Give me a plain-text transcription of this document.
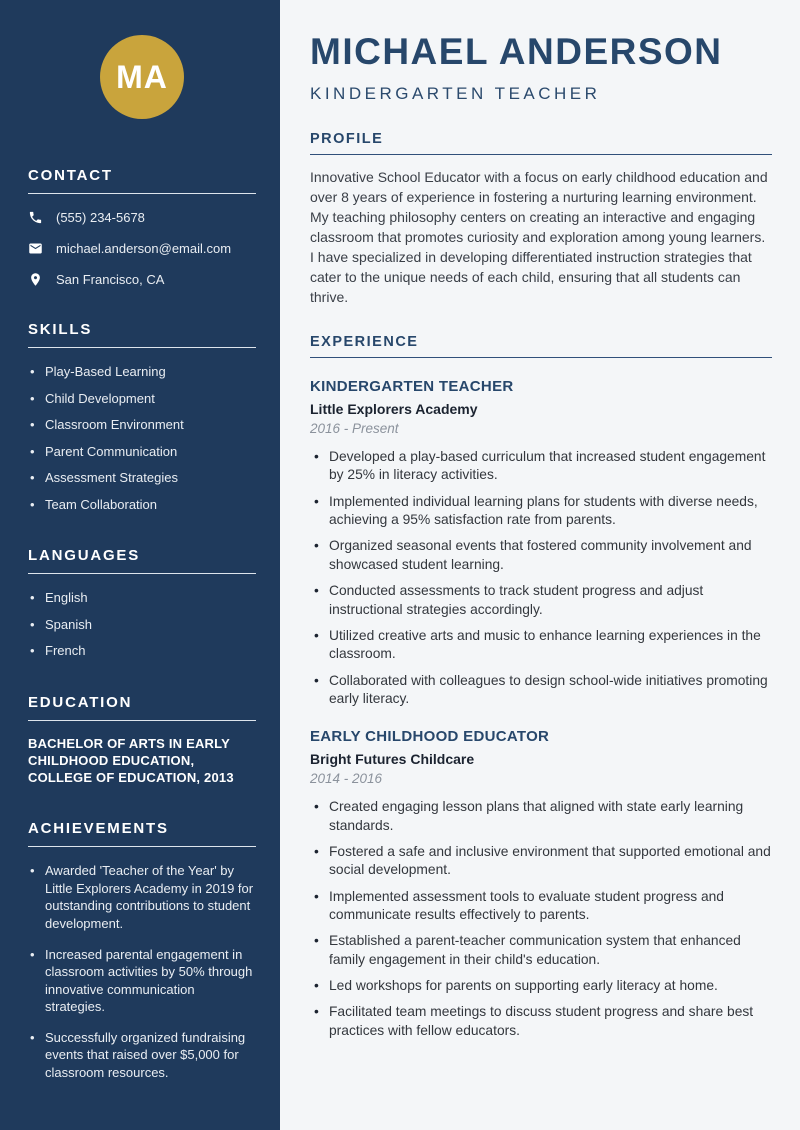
MA
CONTACT
(555) 234-5678
michael.anderson@email.com
San Francisco, CA
SKILLS
• Play-Based Learning
• Child Development
• Classroom Environment
• Parent Communication
• Assessment Strategies
• Team Collaboration
LANGUAGES
• English
• Spanish
• French
EDUCATION

BACHELOR OF ARTS IN EARLY CHILDHOOD EDUCATION, COLLEGE OF EDUCATION, 2013

ACHIEVEMENTS
• Awarded 'Teacher of the Year' by Little Explorers Academy in 2019 for outstanding contributions to student development.
• Increased parental engagement in classroom activities by 50% through innovative communication strategies.
• Successfully organized fundraising events that raised over $5,000 for classroom resources.
MICHAEL ANDERSON
KINDERGARTEN TEACHER
PROFILE

Innovative School Educator with a focus on early childhood education and over 8 years of experience in fostering a nurturing learning environment. My teaching philosophy centers on creating an interactive and engaging classroom that promotes curiosity and exploration among young learners. I have specialized in developing differentiated instruction strategies that cater to the unique needs of each child, ensuring that all students can thrive.

EXPERIENCE
KINDERGARTEN TEACHER
Little Explorers Academy
2016 - Present
• Developed a play-based curriculum that increased student engagement by 25% in literacy activities.
• Implemented individual learning plans for students with diverse needs, achieving a 95% satisfaction rate from parents.
• Organized seasonal events that fostered community involvement and showcased student learning.
• Conducted assessments to track student progress and adjust instructional strategies accordingly.
• Utilized creative arts and music to enhance learning experiences in the classroom.
• Collaborated with colleagues to design school-wide initiatives promoting early literacy.
EARLY CHILDHOOD EDUCATOR
Bright Futures Childcare
2014 - 2016
• Created engaging lesson plans that aligned with state early learning standards.
• Fostered a safe and inclusive environment that supported emotional and social development.
• Implemented assessment tools to evaluate student progress and communicate results effectively to parents.
• Established a parent-teacher communication system that enhanced family engagement in their child's education.
• Led workshops for parents on supporting early literacy at home.
• Facilitated team meetings to discuss student progress and share best practices with fellow educators.
